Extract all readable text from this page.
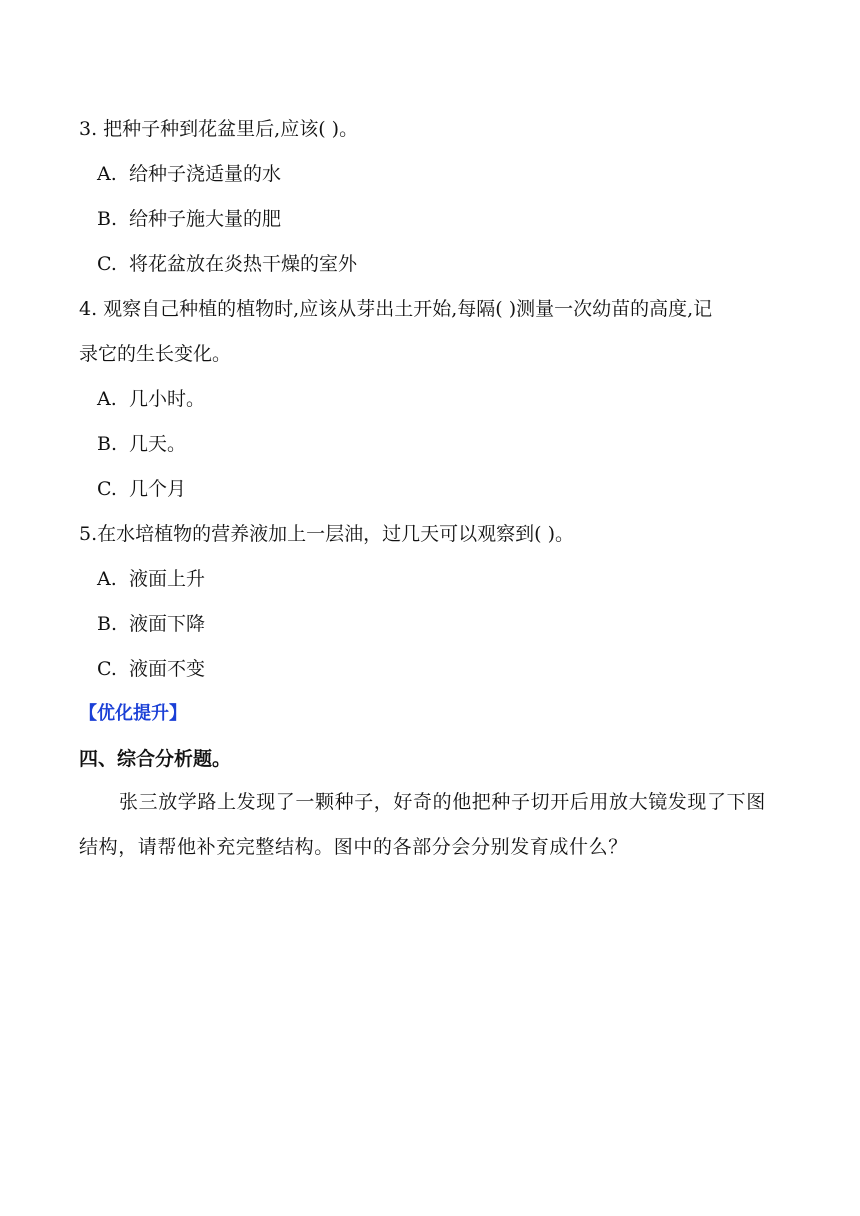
3. 把种子种到花盆里后,应该( )。
A. 给种子浇适量的水
B. 给种子施大量的肥
C. 将花盆放在炎热干燥的室外
4. 观察自己种植的植物时,应该从芽出土开始,每隔( )测量一次幼苗的高度,记
录它的生长变化。
A. 几小时。
B. 几天。
C. 几个月
5.在水培植物的营养液加上一层油，过几天可以观察到( )。
A. 液面上升
B. 液面下降
C. 液面不变
【优化提升】
四、综合分析题。
张三放学路上发现了一颗种子，好奇的他把种子切开后用放大镜发现了下图结构，请帮他补充完整结构。图中的各部分会分别发育成什么？
